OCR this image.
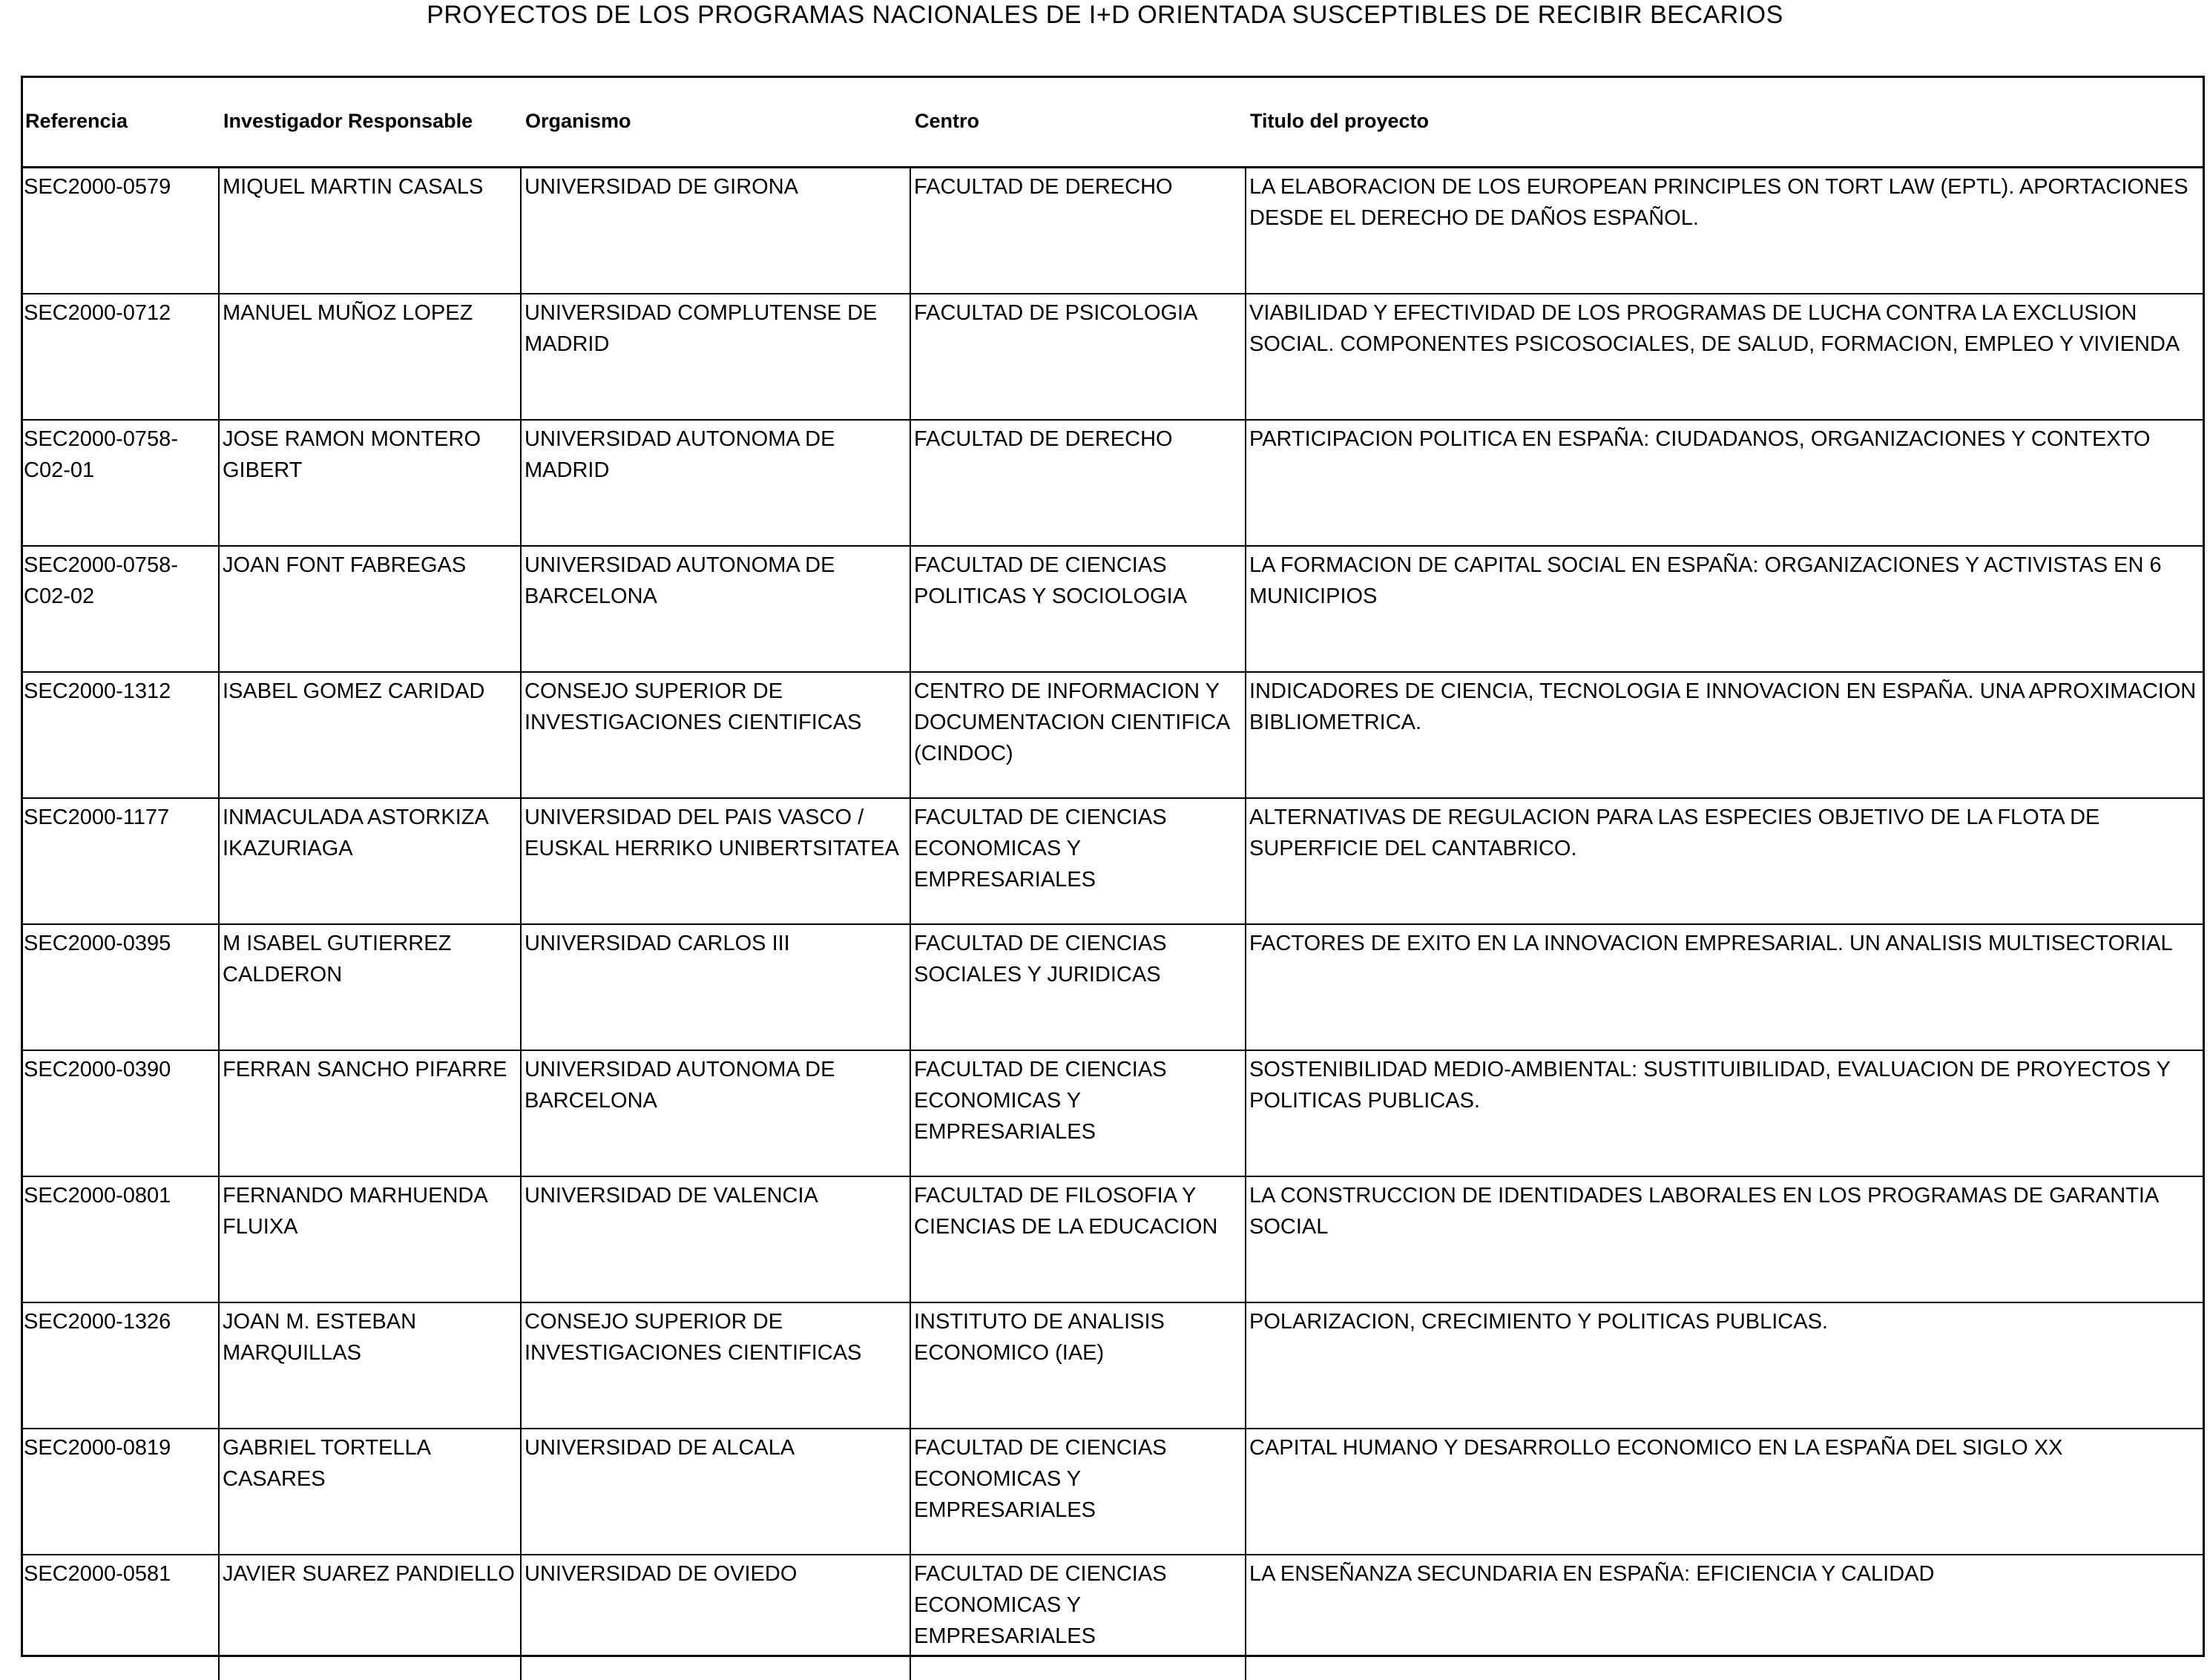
PROYECTOS DE LOS PROGRAMAS NACIONALES DE I+D ORIENTADA SUSCEPTIBLES DE RECIBIR BECARIOS
Referencia	Investigador Responsable	Organismo	Centro	Titulo del proyecto
SEC2000-0579	MIQUEL MARTIN CASALS	UNIVERSIDAD DE GIRONA	FACULTAD DE DERECHO	LA ELABORACION DE LOS EUROPEAN PRINCIPLES ON TORT LAW (EPTL). APORTACIONES DESDE EL DERECHO DE DAÑOS ESPAÑOL.
SEC2000-0712	MANUEL MUÑOZ LOPEZ	UNIVERSIDAD COMPLUTENSE DE MADRID	FACULTAD DE PSICOLOGIA	VIABILIDAD Y EFECTIVIDAD DE LOS PROGRAMAS DE LUCHA CONTRA LA EXCLUSION SOCIAL. COMPONENTES PSICOSOCIALES, DE SALUD, FORMACION, EMPLEO Y VIVIENDA
SEC2000-0758-C02-01	JOSE RAMON MONTERO GIBERT	UNIVERSIDAD AUTONOMA DE MADRID	FACULTAD DE DERECHO	PARTICIPACION POLITICA EN ESPAÑA: CIUDADANOS, ORGANIZACIONES Y CONTEXTO
SEC2000-0758-C02-02	JOAN FONT FABREGAS	UNIVERSIDAD AUTONOMA DE BARCELONA	FACULTAD DE CIENCIAS POLITICAS Y SOCIOLOGIA	LA FORMACION DE CAPITAL SOCIAL EN ESPAÑA: ORGANIZACIONES Y ACTIVISTAS EN 6 MUNICIPIOS
SEC2000-1312	ISABEL GOMEZ CARIDAD	CONSEJO SUPERIOR DE INVESTIGACIONES CIENTIFICAS	CENTRO DE INFORMACION Y DOCUMENTACION CIENTIFICA (CINDOC)	INDICADORES DE CIENCIA, TECNOLOGIA E INNOVACION EN ESPAÑA. UNA APROXIMACION BIBLIOMETRICA.
SEC2000-1177	INMACULADA ASTORKIZA IKAZURIAGA	UNIVERSIDAD DEL PAIS VASCO / EUSKAL HERRIKO UNIBERTSITATEA	FACULTAD DE CIENCIAS ECONOMICAS Y EMPRESARIALES	ALTERNATIVAS DE REGULACION PARA LAS ESPECIES OBJETIVO DE LA FLOTA DE SUPERFICIE DEL CANTABRICO.
SEC2000-0395	M ISABEL GUTIERREZ CALDERON	UNIVERSIDAD CARLOS III	FACULTAD DE CIENCIAS SOCIALES Y JURIDICAS	FACTORES DE EXITO EN LA INNOVACION EMPRESARIAL. UN ANALISIS MULTISECTORIAL
SEC2000-0390	FERRAN SANCHO PIFARRE	UNIVERSIDAD AUTONOMA DE BARCELONA	FACULTAD DE CIENCIAS ECONOMICAS Y EMPRESARIALES	SOSTENIBILIDAD MEDIO-AMBIENTAL: SUSTITUIBILIDAD, EVALUACION DE PROYECTOS Y POLITICAS PUBLICAS.
SEC2000-0801	FERNANDO MARHUENDA FLUIXA	UNIVERSIDAD DE VALENCIA	FACULTAD DE FILOSOFIA Y CIENCIAS DE LA EDUCACION	LA CONSTRUCCION DE IDENTIDADES LABORALES EN LOS PROGRAMAS DE GARANTIA SOCIAL
SEC2000-1326	JOAN M. ESTEBAN MARQUILLAS	CONSEJO SUPERIOR DE INVESTIGACIONES CIENTIFICAS	INSTITUTO DE ANALISIS ECONOMICO (IAE)	POLARIZACION, CRECIMIENTO Y POLITICAS PUBLICAS.
SEC2000-0819	GABRIEL TORTELLA CASARES	UNIVERSIDAD DE ALCALA	FACULTAD DE CIENCIAS ECONOMICAS Y EMPRESARIALES	CAPITAL HUMANO Y DESARROLLO ECONOMICO EN LA ESPAÑA DEL SIGLO XX
SEC2000-0581	JAVIER SUAREZ PANDIELLO	UNIVERSIDAD DE OVIEDO	FACULTAD DE CIENCIAS ECONOMICAS Y EMPRESARIALES	LA ENSEÑANZA SECUNDARIA EN ESPAÑA: EFICIENCIA Y CALIDAD
